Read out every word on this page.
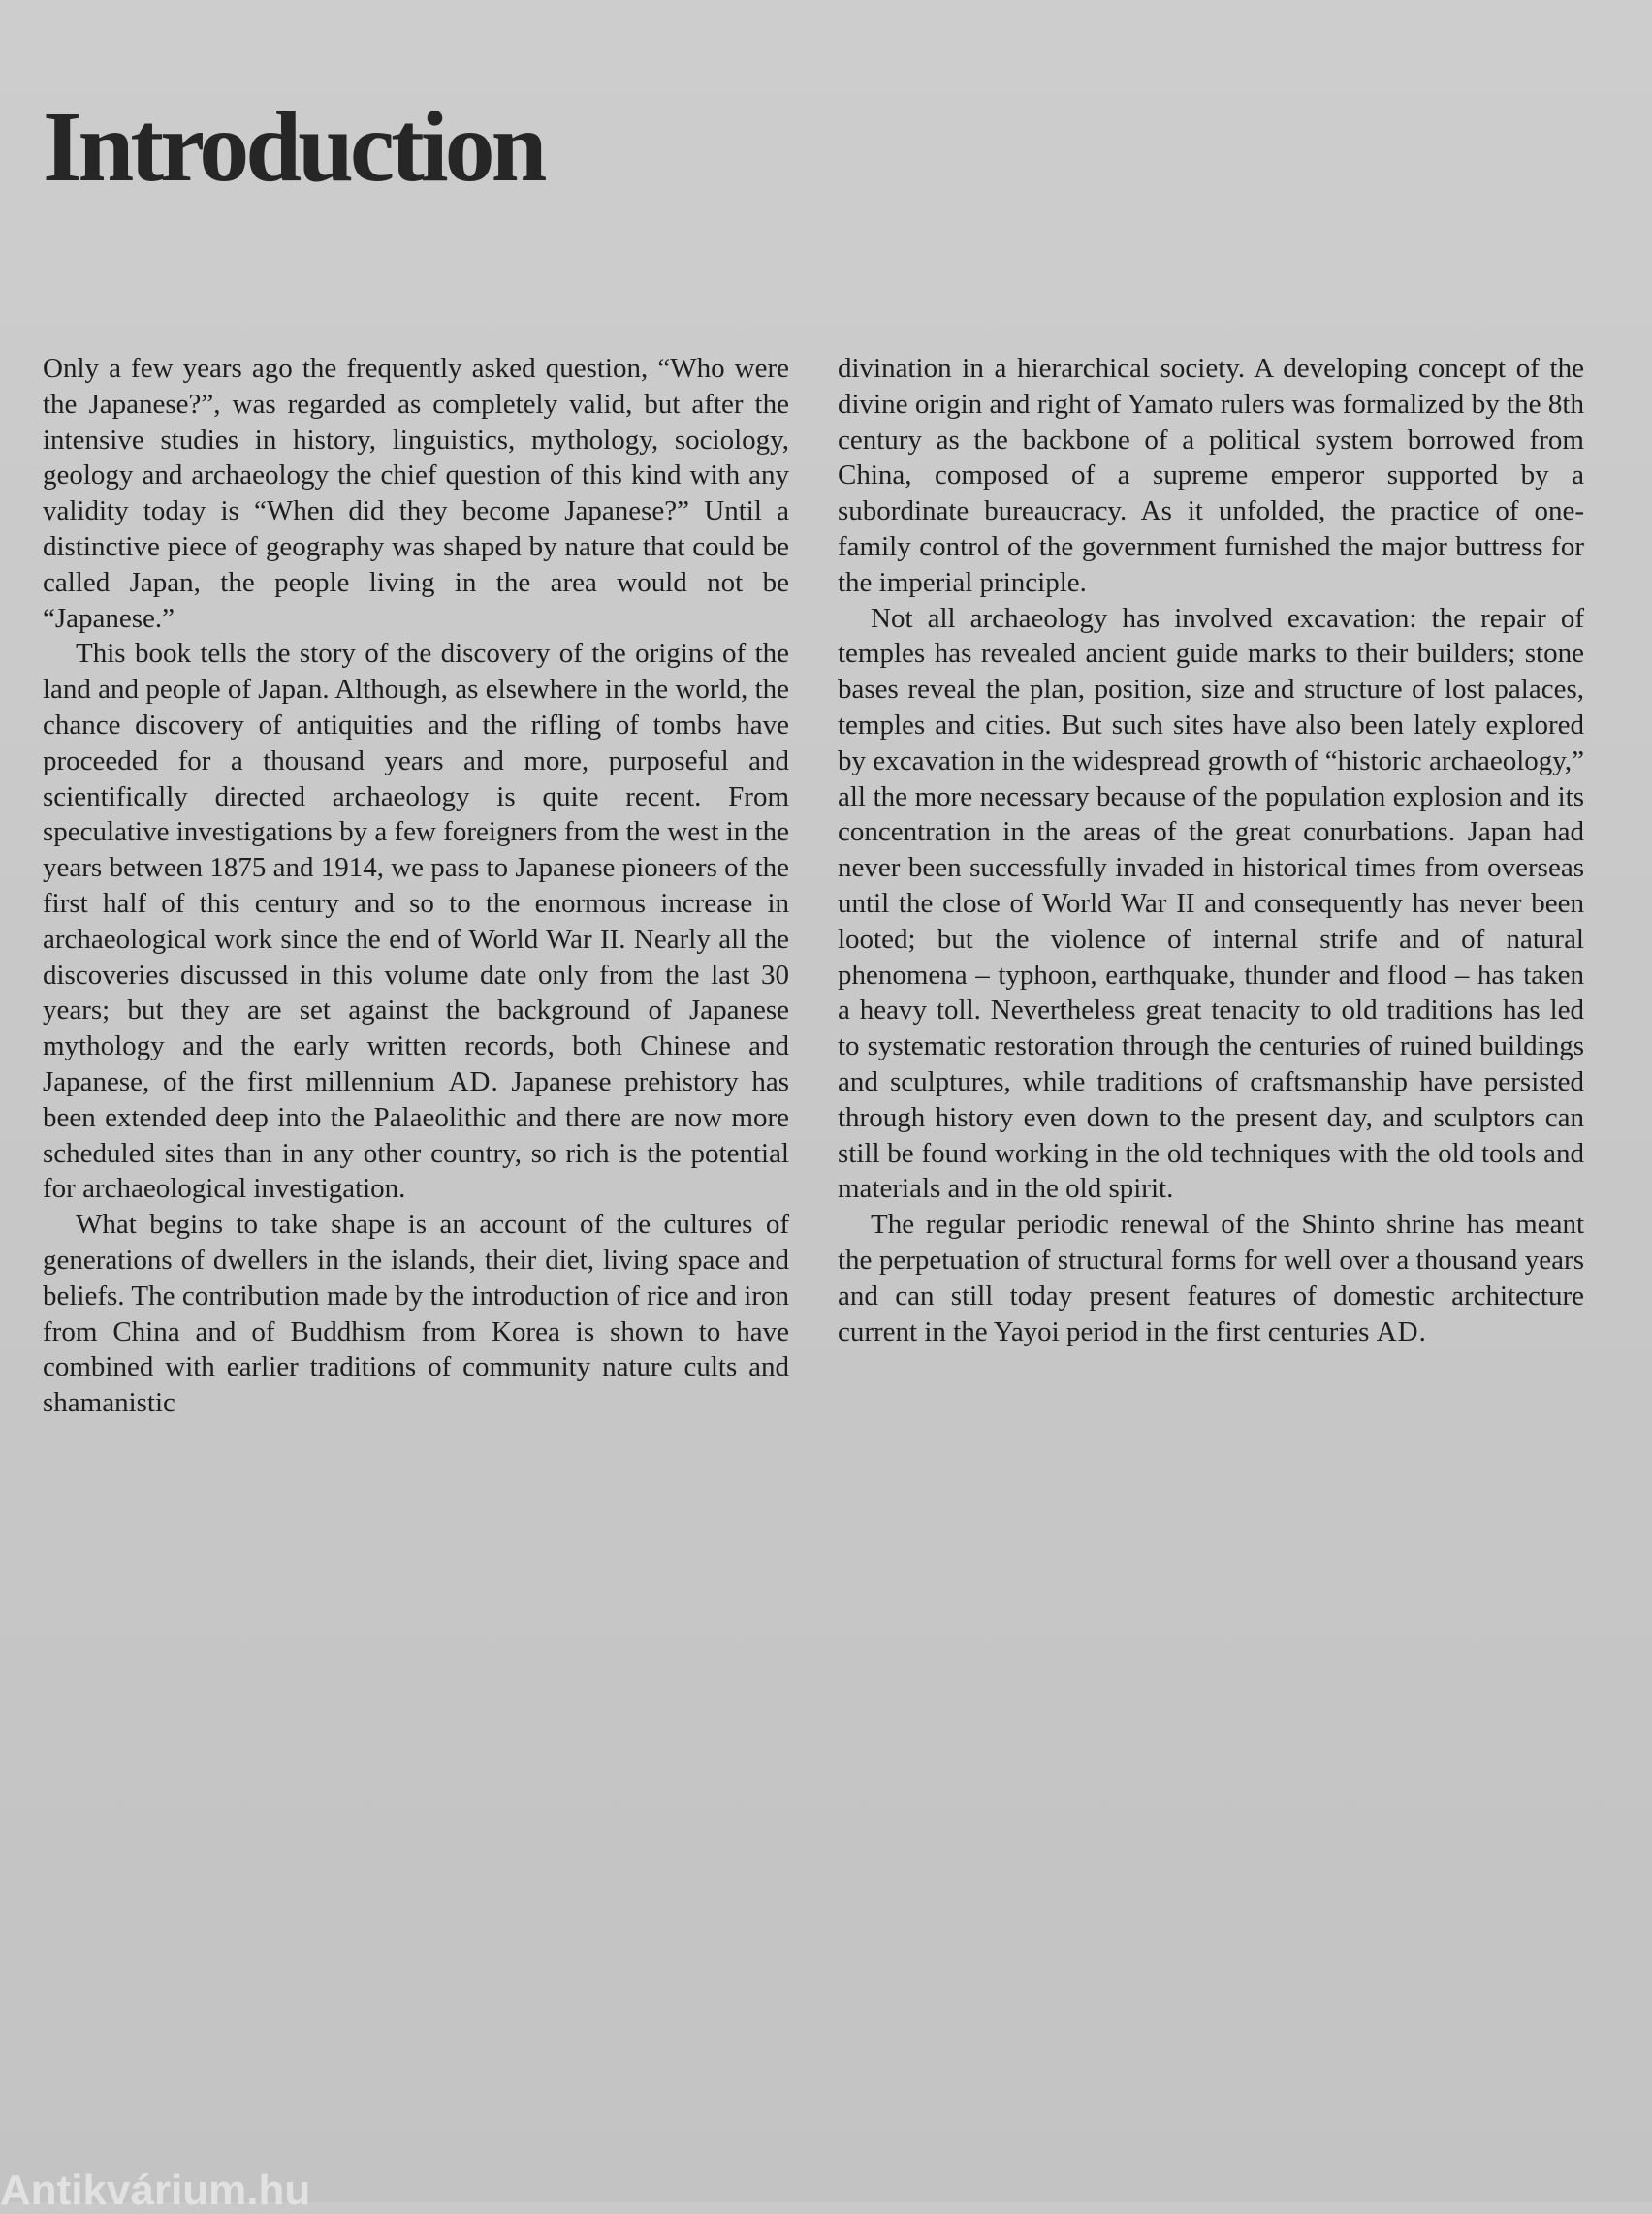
Introduction

Only a few years ago the frequently asked question, “Who were the Japanese?”, was regarded as completely valid, but after the intensive studies in history, linguistics, mythology, sociology, geology and archaeology the chief question of this kind with any validity today is “When did they become Japanese?” Until a distinctive piece of geography was shaped by nature that could be called Japan, the people living in the area would not be “Japanese.”

This book tells the story of the discovery of the origins of the land and people of Japan. Although, as elsewhere in the world, the chance discovery of antiquities and the rifling of tombs have proceeded for a thousand years and more, purposeful and scientifically directed archaeology is quite recent. From speculative investigations by a few foreigners from the west in the years between 1875 and 1914, we pass to Japanese pioneers of the first half of this century and so to the enormous increase in archaeological work since the end of World War II. Nearly all the discoveries discussed in this volume date only from the last 30 years; but they are set against the background of Japanese mythology and the early written records, both Chinese and Japanese, of the first millennium AD. Japanese prehistory has been extended deep into the Palaeolithic and there are now more scheduled sites than in any other country, so rich is the potential for archaeological investigation.

What begins to take shape is an account of the cultures of generations of dwellers in the islands, their diet, living space and beliefs. The contribution made by the introduction of rice and iron from China and of Buddhism from Korea is shown to have combined with earlier traditions of community nature cults and shamanistic

divination in a hierarchical society. A developing concept of the divine origin and right of Yamato rulers was formalized by the 8th century as the backbone of a political system borrowed from China, composed of a supreme emperor supported by a subordinate bureaucracy. As it unfolded, the practice of one-family control of the government furnished the major buttress for the imperial principle.

Not all archaeology has involved excavation: the repair of temples has revealed ancient guide marks to their builders; stone bases reveal the plan, position, size and structure of lost palaces, temples and cities. But such sites have also been lately explored by excavation in the widespread growth of “historic archaeology,” all the more necessary because of the population explosion and its concentration in the areas of the great conurbations. Japan had never been successfully invaded in historical times from overseas until the close of World War II and consequently has never been looted; but the violence of internal strife and of natural phenomena – typhoon, earthquake, thunder and flood – has taken a heavy toll. Nevertheless great tenacity to old traditions has led to systematic restoration through the centuries of ruined buildings and sculptures, while traditions of craftsmanship have persisted through history even down to the present day, and sculptors can still be found working in the old techniques with the old tools and materials and in the old spirit.

The regular periodic renewal of the Shinto shrine has meant the perpetuation of structural forms for well over a thousand years and can still today present features of domestic architecture current in the Yayoi period in the first centuries AD.

Antikvárium.hu
